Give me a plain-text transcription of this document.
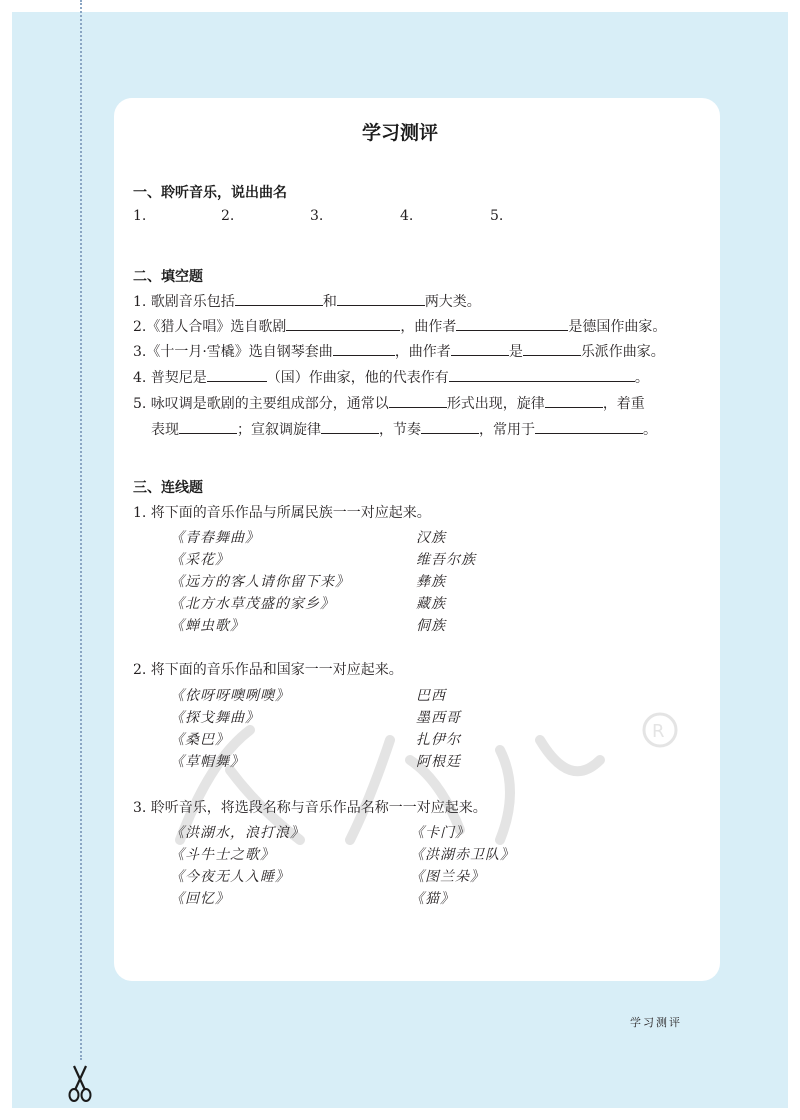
R
学习测评
一、聆听音乐，说出曲名
1.	2.	3.	4.	5.
二、填空题
1. 歌剧音乐包括	和	两大类。
2.《猎人合唱》选自歌剧	，曲作者	是德国作曲家。
3.《十一月·雪橇》选自钢琴套曲	，曲作者	是	乐派作曲家。
4. 普契尼是	（国）作曲家，他的代表作有	。
5. 咏叹调是歌剧的主要组成部分，通常以	形式出现，旋律	，着重
表现	；宣叙调旋律	，节奏	，常用于	。
三、连线题
1. 将下面的音乐作品与所属民族一一对应起来。
《青春舞曲》	汉族
《采花》	维吾尔族
《远方的客人请你留下来》	彝族
《北方水草茂盛的家乡》	藏族
《蝉虫歌》	侗族
2. 将下面的音乐作品和国家一一对应起来。
《依呀呀噢咧噢》	巴西
《探戈舞曲》	墨西哥
《桑巴》	扎伊尔
《草帽舞》	阿根廷
3. 聆听音乐，将选段名称与音乐作品名称一一对应起来。
《洪湖水，浪打浪》	《卡门》
《斗牛士之歌》	《洪湖赤卫队》
《今夜无人入睡》	《图兰朵》
《回忆》	《猫》
学习测评
